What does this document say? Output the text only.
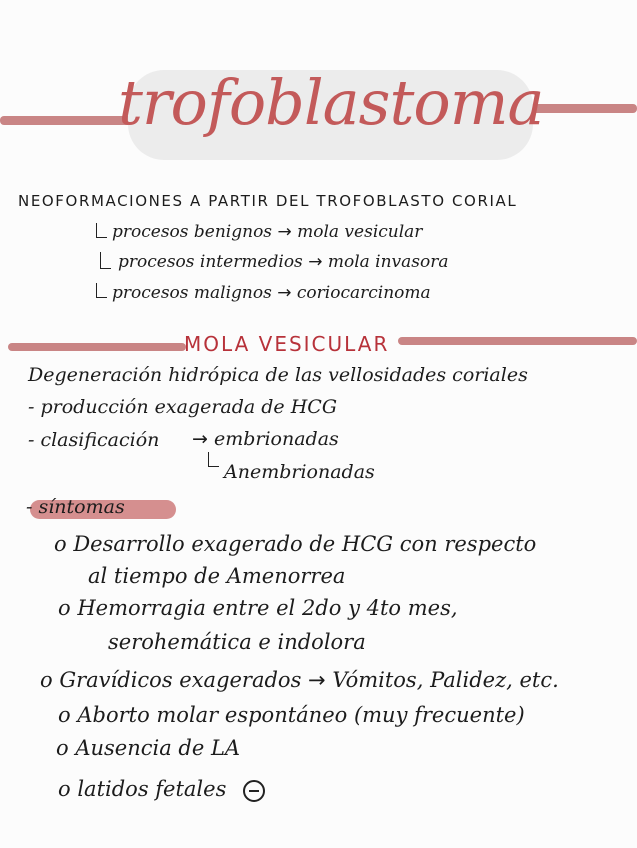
trofoblastoma
NEOFORMACIONES A PARTIR DEL TROFOBLASTO CORIAL
procesos benignos → mola vesicular
procesos intermedios → mola invasora
procesos malignos → coriocarcinoma
MOLA VESICULAR
Degeneración hidrópica de las vellosidades coriales
- producción exagerada de HCG
- clasificación → embrionadas
Anembrionadas
- síntomas
o Desarrollo exagerado de HCG con respecto
al tiempo de Amenorrea
o Hemorragia entre el 2do y 4to mes,
serohemática e indolora
o Gravídicos exagerados → Vómitos, Palidez, etc.
o Aborto molar espontáneo (muy frecuente)
o Ausencia de LA
o latidos fetales
